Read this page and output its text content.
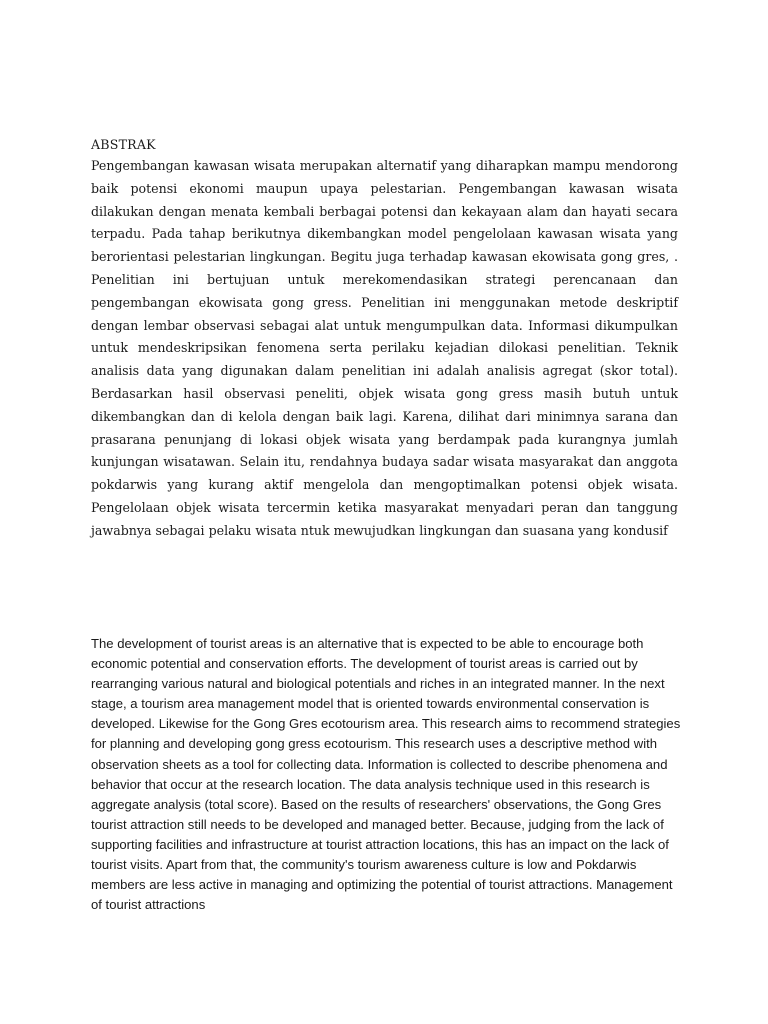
ABSTRAK

Pengembangan kawasan wisata merupakan alternatif yang diharapkan mampu mendorong baik potensi ekonomi maupun upaya pelestarian. Pengembangan kawasan wisata dilakukan dengan menata kembali berbagai potensi dan kekayaan alam dan hayati secara terpadu. Pada tahap berikutnya dikembangkan model pengelolaan kawasan wisata yang berorientasi pelestarian lingkungan. Begitu juga terhadap kawasan ekowisata gong gres, . Penelitian ini bertujuan untuk merekomendasikan strategi perencanaan dan pengembangan ekowisata gong gress. Penelitian ini menggunakan metode deskriptif dengan lembar observasi sebagai alat untuk mengumpulkan data. Informasi dikumpulkan untuk mendeskripsikan fenomena serta perilaku kejadian dilokasi penelitian. Teknik analisis data yang digunakan dalam penelitian ini adalah analisis agregat (skor total). Berdasarkan hasil observasi peneliti, objek wisata gong gress masih butuh untuk dikembangkan dan di kelola dengan baik lagi. Karena, dilihat dari minimnya sarana dan prasarana penunjang di lokasi objek wisata yang berdampak pada kurangnya jumlah kunjungan wisatawan. Selain itu, rendahnya budaya sadar wisata masyarakat dan anggota pokdarwis yang kurang aktif mengelola dan mengoptimalkan potensi objek wisata. Pengelolaan objek wisata tercermin ketika masyarakat menyadari peran dan tanggung jawabnya sebagai pelaku wisata ntuk mewujudkan lingkungan dan suasana yang kondusif

The development of tourist areas is an alternative that is expected to be able to encourage both economic potential and conservation efforts. The development of tourist areas is carried out by rearranging various natural and biological potentials and riches in an integrated manner. In the next stage, a tourism area management model that is oriented towards environmental conservation is developed. Likewise for the Gong Gres ecotourism area. This research aims to recommend strategies for planning and developing gong gress ecotourism. This research uses a descriptive method with observation sheets as a tool for collecting data. Information is collected to describe phenomena and behavior that occur at the research location. The data analysis technique used in this research is aggregate analysis (total score). Based on the results of researchers' observations, the Gong Gres tourist attraction still needs to be developed and managed better. Because, judging from the lack of supporting facilities and infrastructure at tourist attraction locations, this has an impact on the lack of tourist visits. Apart from that, the community's tourism awareness culture is low and Pokdarwis members are less active in managing and optimizing the potential of tourist attractions. Management of tourist attractions
